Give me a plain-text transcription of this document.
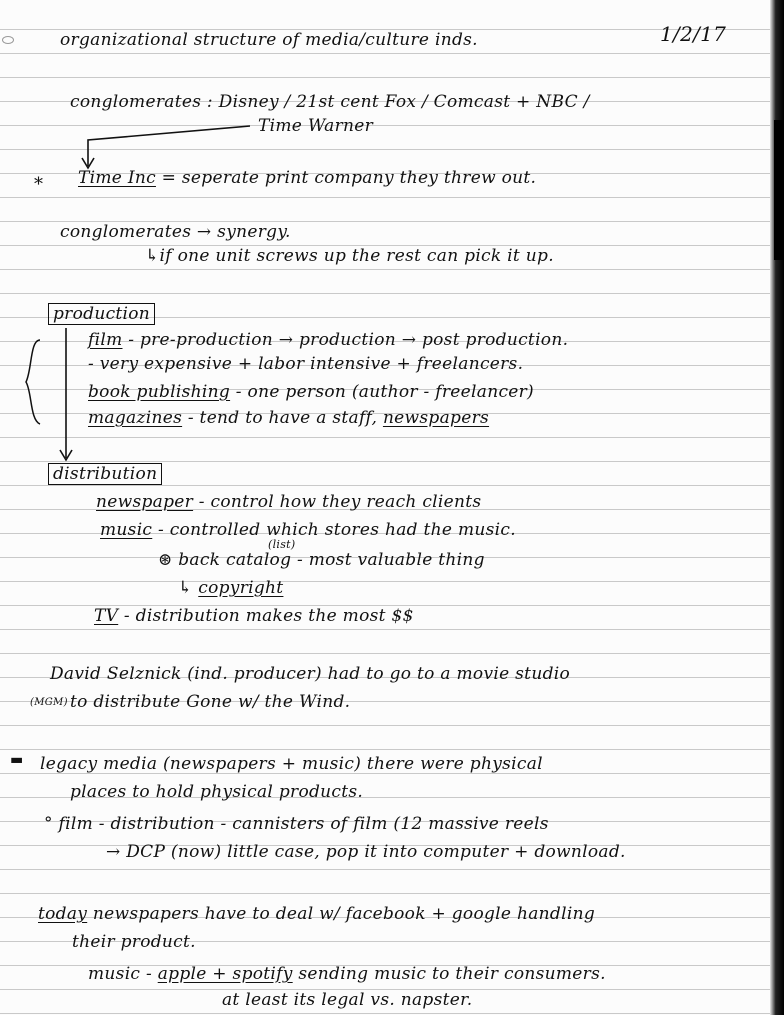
organizational structure of media/culture inds.	1/2/17
conglomerates : Disney / 21st cent Fox / Comcast + NBC /
Time Warner
* Time Inc = seperate print company they threw out.
conglomerates → synergy.
↳if one unit screws up the rest can pick it up.
production
film - pre-production → production → post production.
- very expensive + labor intensive + freelancers.
book publishing - one person (author - freelancer)
magazines - tend to have a staff, newspapers
distribution
newspaper - control how they reach clients
music - controlled which stores had the music.
(list)
⊛ back catalog - most valuable thing
↳ copyright
TV - distribution makes the most $$
David Selznick (ind. producer) had to go to a movie studio
(MGM) to distribute Gone w/ the Wind.
▬ legacy media (newspapers + music) there were physical
places to hold physical products.
° film - distribution - cannisters of film (12 massive reels
→ DCP (now) little case, pop it into computer + download.
today newspapers have to deal w/ facebook + google handling
their product.
music - apple + spotify sending music to their consumers.
at least its legal vs. napster.
